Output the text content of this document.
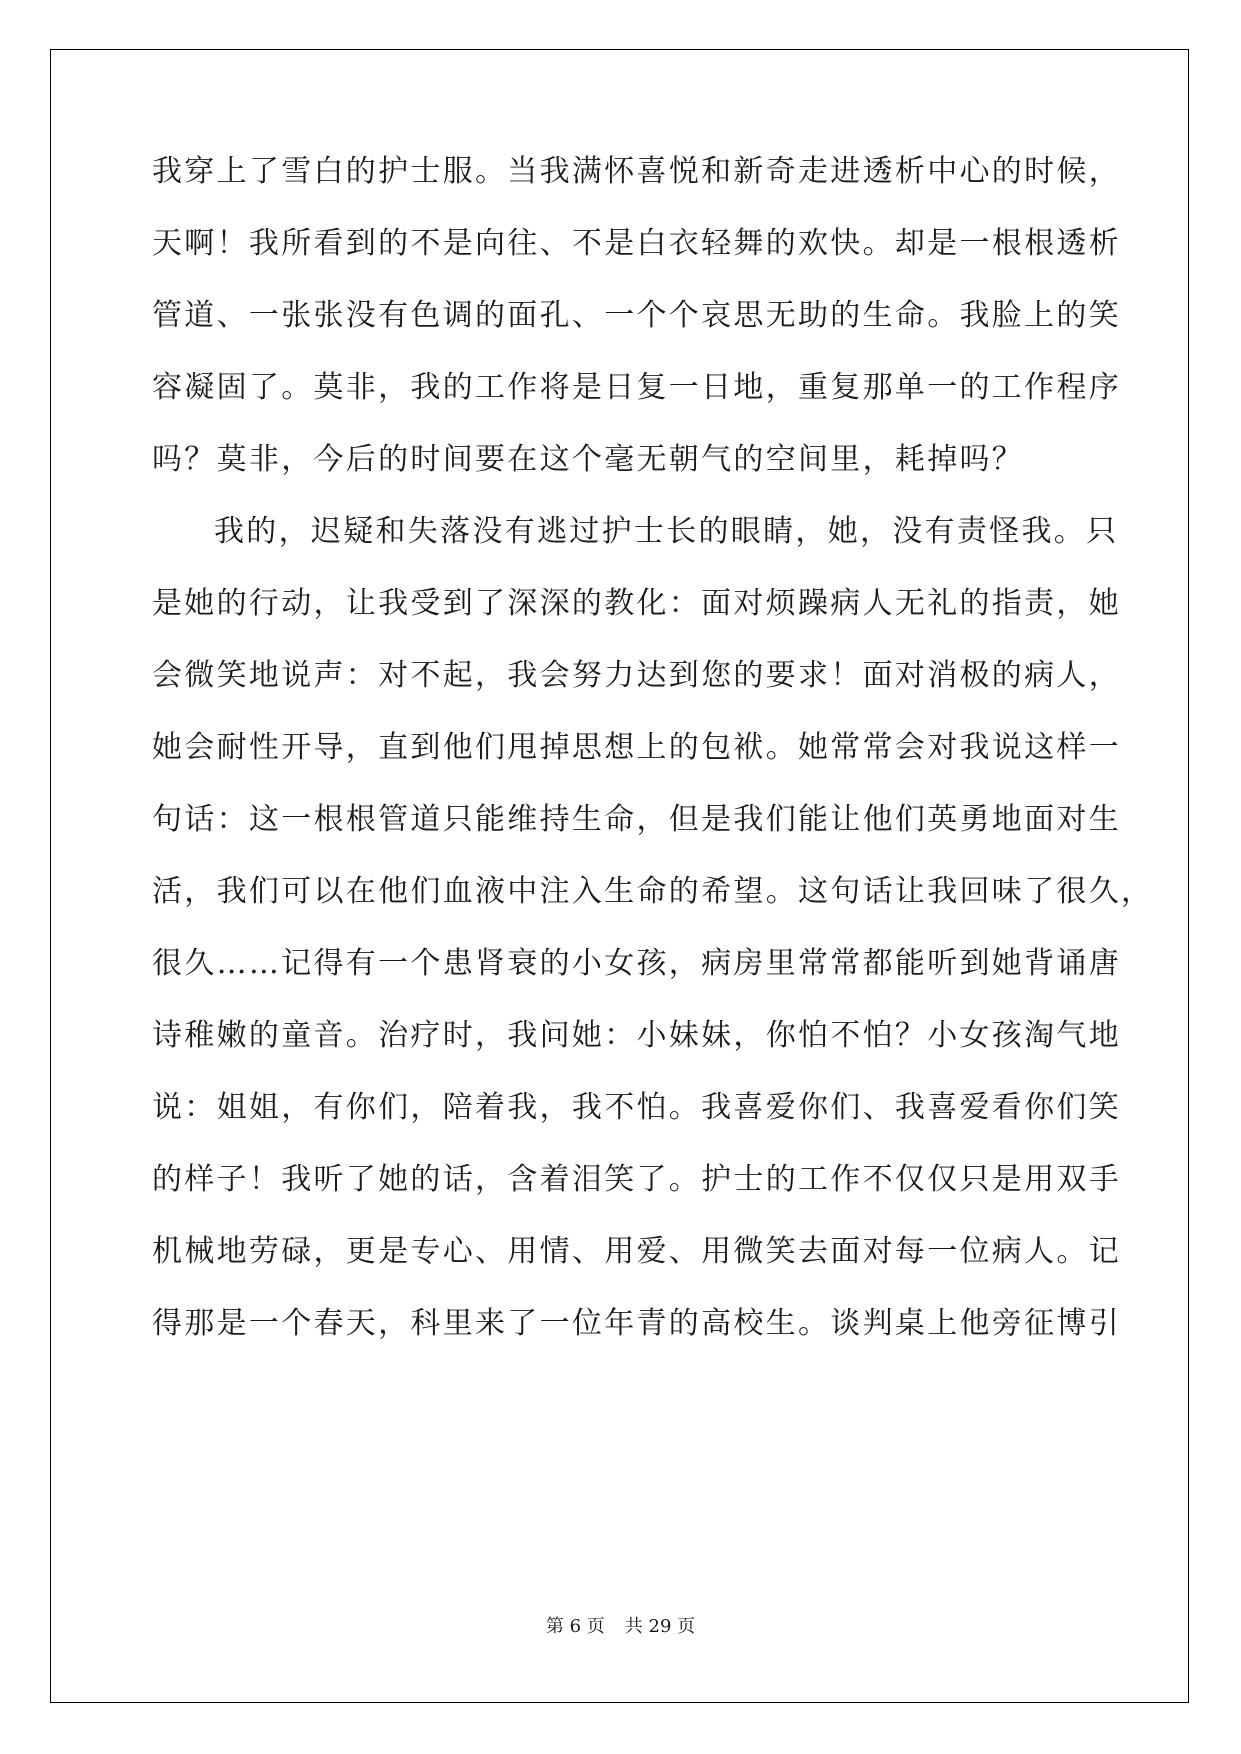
我穿上了雪白的护士服。当我满怀喜悦和新奇走进透析中心的时候，
天啊！我所看到的不是向往、不是白衣轻舞的欢快。却是一根根透析
管道、一张张没有色调的面孔、一个个哀思无助的生命。我脸上的笑
容凝固了。莫非，我的工作将是日复一日地，重复那单一的工作程序
吗？莫非，今后的时间要在这个毫无朝气的空间里，耗掉吗？
我的，迟疑和失落没有逃过护士长的眼睛，她，没有责怪我。只
是她的行动，让我受到了深深的教化：面对烦躁病人无礼的指责，她
会微笑地说声：对不起，我会努力达到您的要求！面对消极的病人，
她会耐性开导，直到他们甩掉思想上的包袱。她常常会对我说这样一
句话：这一根根管道只能维持生命，但是我们能让他们英勇地面对生
活，我们可以在他们血液中注入生命的希望。这句话让我回味了很久，
很久……记得有一个患肾衰的小女孩，病房里常常都能听到她背诵唐
诗稚嫩的童音。治疗时，我问她：小妹妹，你怕不怕？小女孩淘气地
说：姐姐，有你们，陪着我，我不怕。我喜爱你们、我喜爱看你们笑
的样子！我听了她的话，含着泪笑了。护士的工作不仅仅只是用双手
机械地劳碌，更是专心、用情、用爱、用微笑去面对每一位病人。记
得那是一个春天，科里来了一位年青的高校生。谈判桌上他旁征博引
第 6 页 共 29 页
